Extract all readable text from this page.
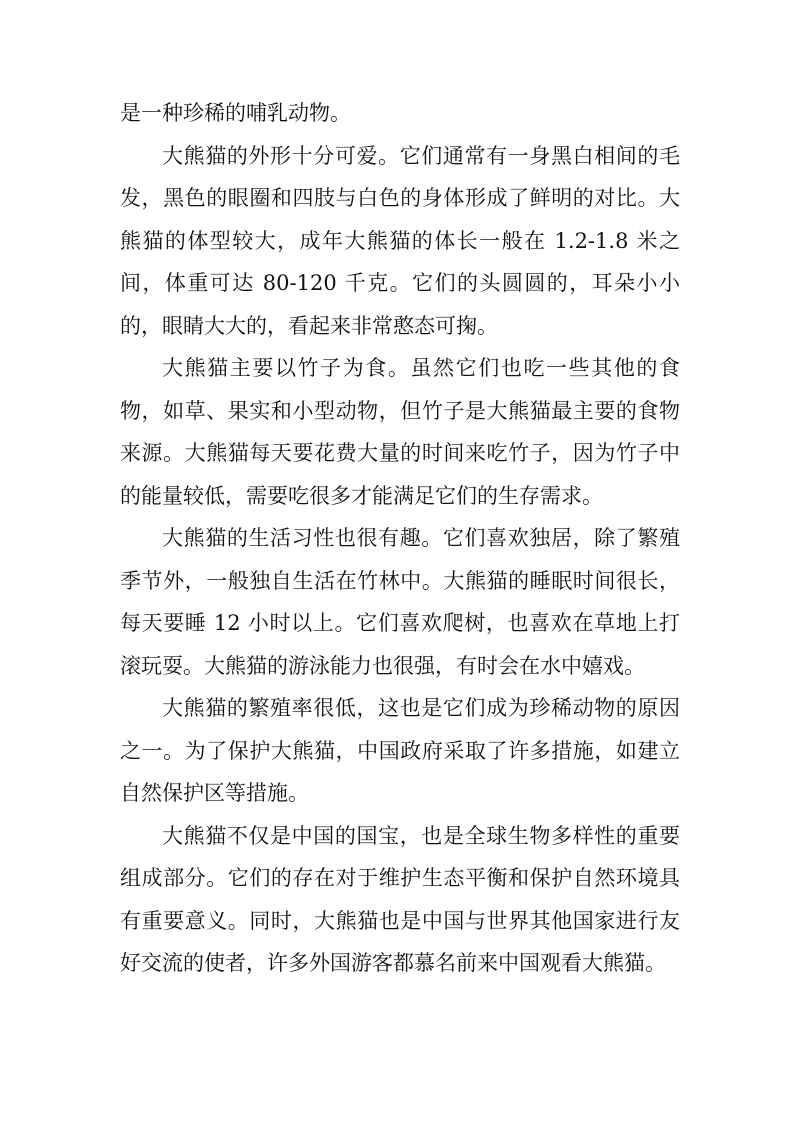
是一种珍稀的哺乳动物。

大熊猫的外形十分可爱。它们通常有一身黑白相间的毛发，黑色的眼圈和四肢与白色的身体形成了鲜明的对比。大熊猫的体型较大，成年大熊猫的体长一般在 1.2-1.8 米之间，体重可达 80-120 千克。它们的头圆圆的，耳朵小小的，眼睛大大的，看起来非常憨态可掬。

大熊猫主要以竹子为食。虽然它们也吃一些其他的食物，如草、果实和小型动物，但竹子是大熊猫最主要的食物来源。大熊猫每天要花费大量的时间来吃竹子，因为竹子中的能量较低，需要吃很多才能满足它们的生存需求。

大熊猫的生活习性也很有趣。它们喜欢独居，除了繁殖季节外，一般独自生活在竹林中。大熊猫的睡眠时间很长，每天要睡 12 小时以上。它们喜欢爬树，也喜欢在草地上打滚玩耍。大熊猫的游泳能力也很强，有时会在水中嬉戏。

大熊猫的繁殖率很低，这也是它们成为珍稀动物的原因之一。为了保护大熊猫，中国政府采取了许多措施，如建立自然保护区等措施。

大熊猫不仅是中国的国宝，也是全球生物多样性的重要组成部分。它们的存在对于维护生态平衡和保护自然环境具有重要意义。同时，大熊猫也是中国与世界其他国家进行友好交流的使者，许多外国游客都慕名前来中国观看大熊猫。
